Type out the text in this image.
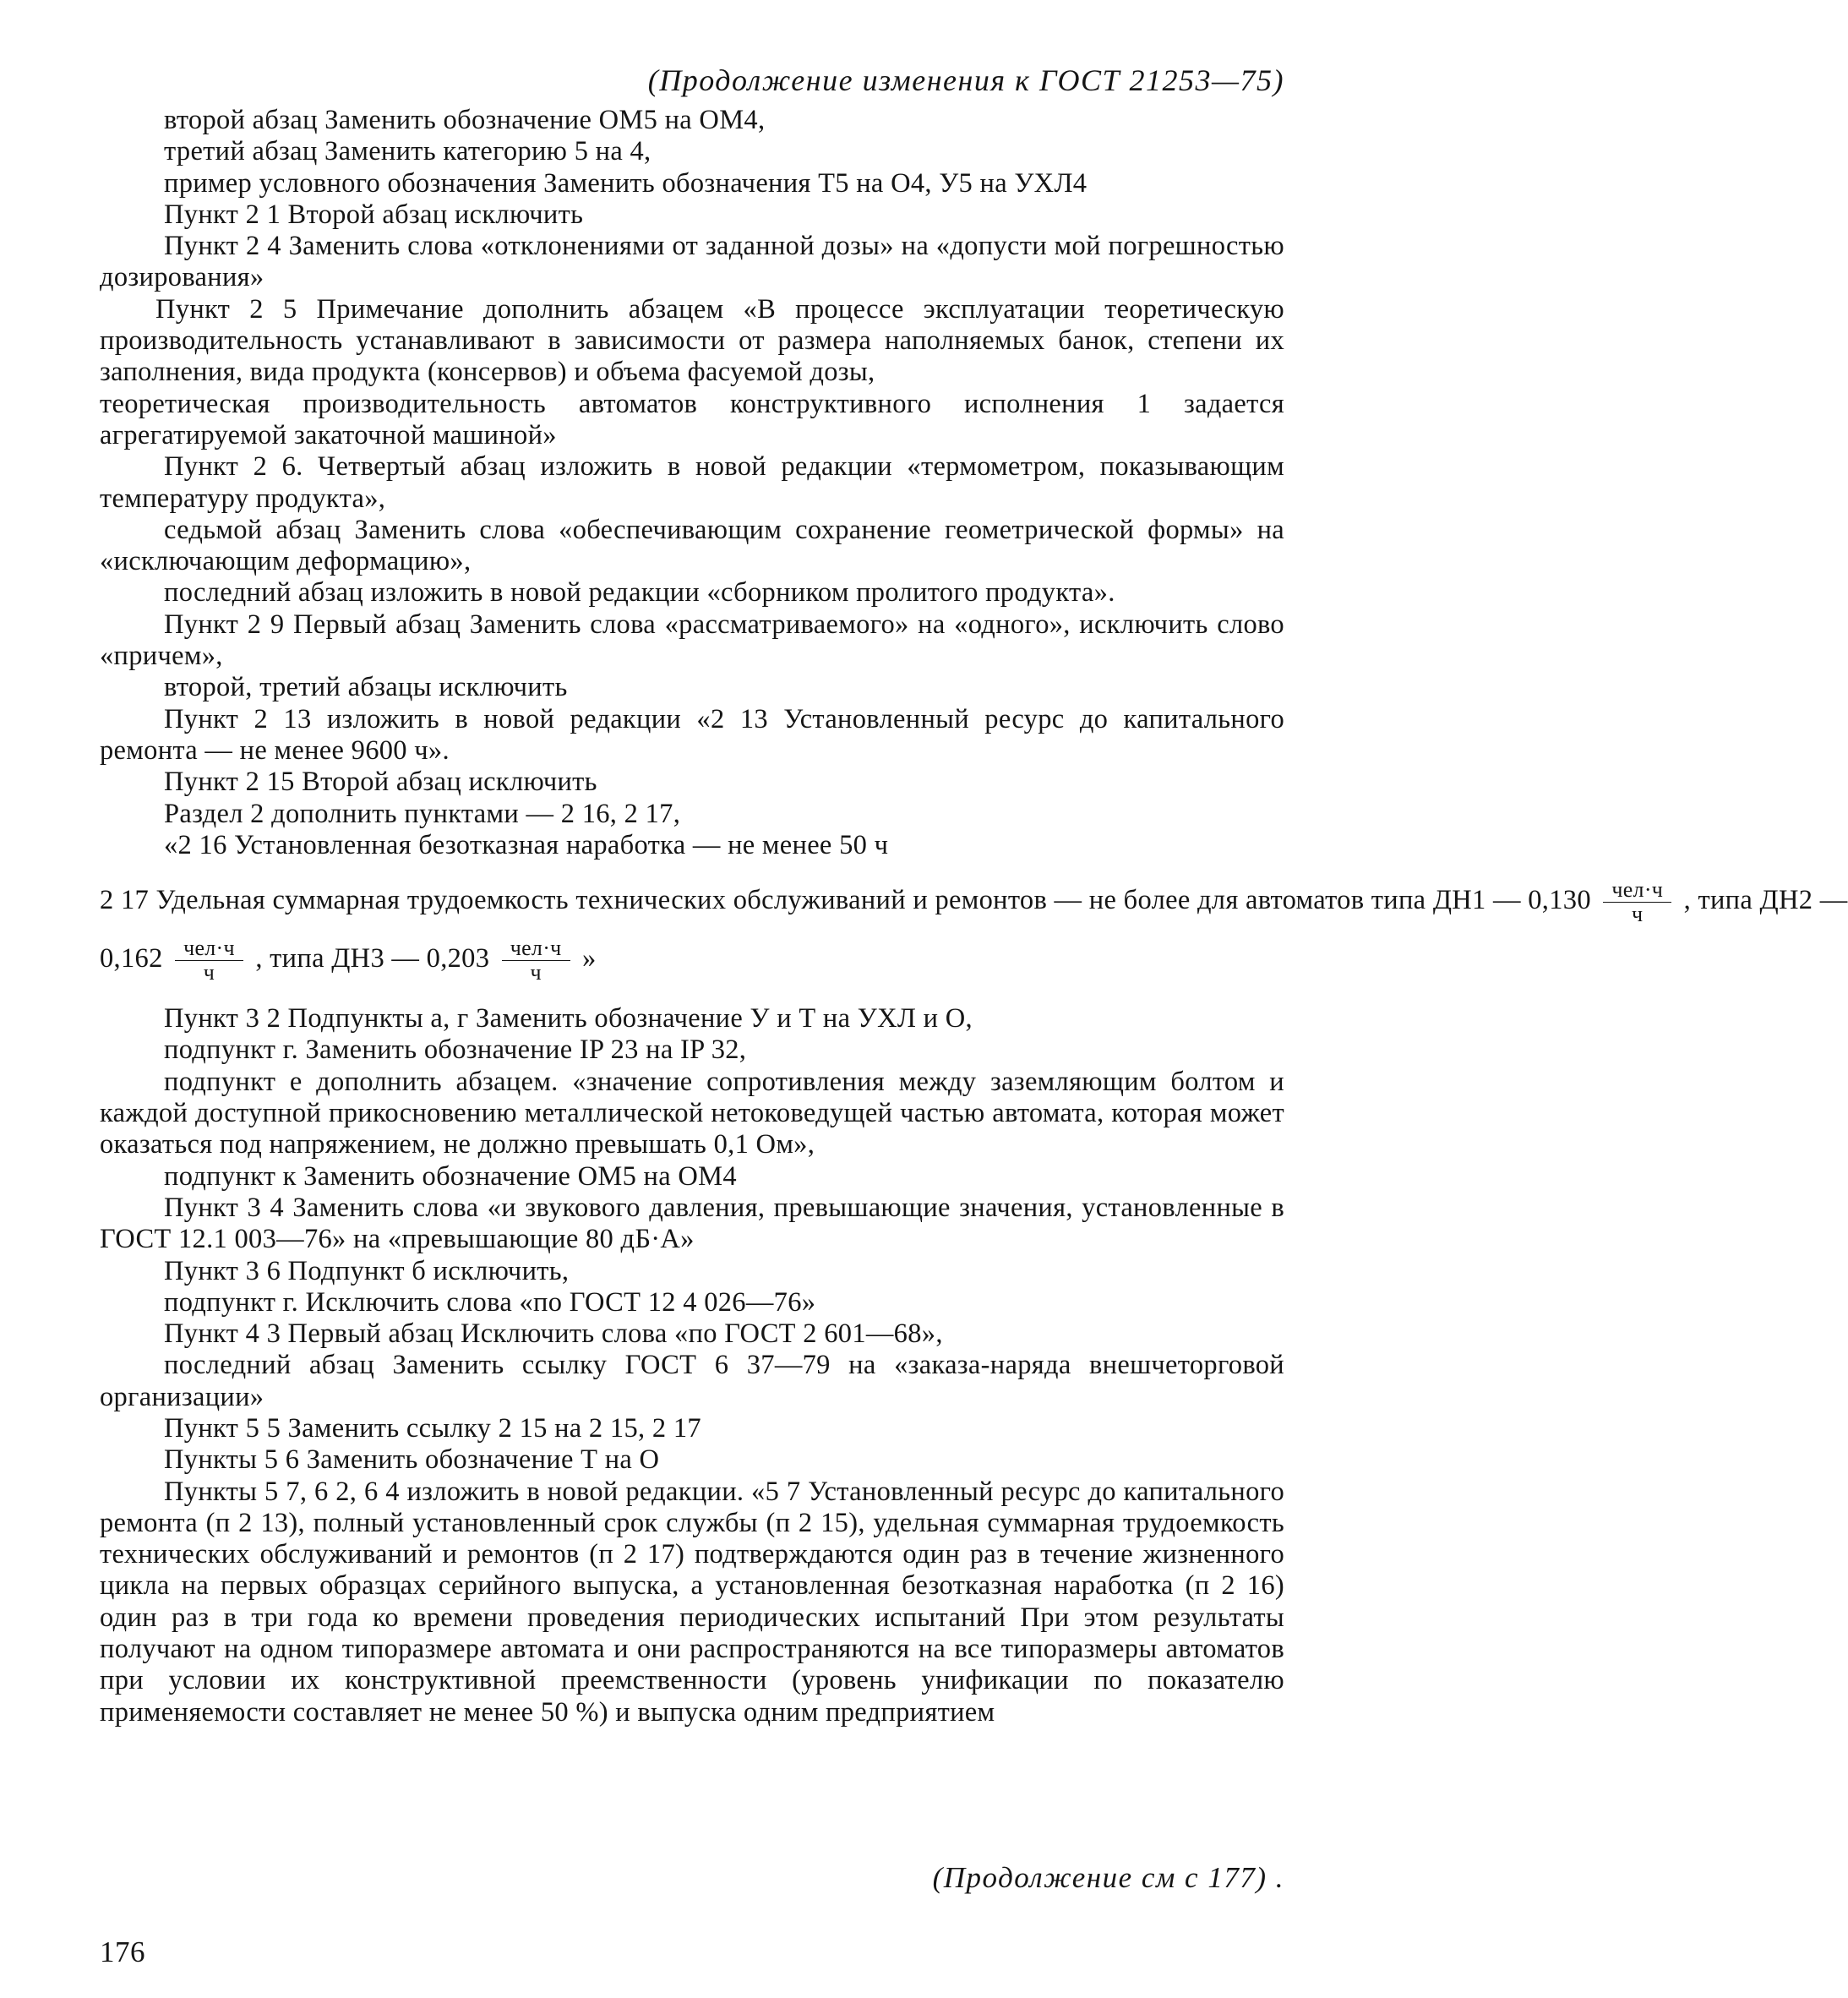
(Продолжение изменения к ГОСТ 21253—75)

второй абзац Заменить обозначение ОМ5 на ОМ4,

третий абзац Заменить категорию 5 на 4,

пример условного обозначения Заменить обозначения Т5 на О4, У5 на УХЛ4

Пункт 2 1 Второй абзац исключить

Пункт 2 4 Заменить слова «отклонениями от заданной дозы» на «допусти мой погрешностью дозирования»

Пункт 2 5 Примечание дополнить абзацем «В процессе эксплуатации теоретическую производительность устанавливают в зависимости от размера наполняемых банок, степени их заполнения, вида продукта (консервов) и объема фасуемой дозы,

теоретическая производительность автоматов конструктивного исполнения 1 задается агрегатируемой закаточной машиной»

Пункт 2 6. Четвертый абзац изложить в новой редакции «термометром, показывающим температуру продукта»,

седьмой абзац Заменить слова «обеспечивающим сохранение геометрической формы» на «исключающим деформацию»,

последний абзац изложить в новой редакции «сборником пролитого продукта».

Пункт 2 9 Первый абзац Заменить слова «рассматриваемого» на «одного», исключить слово «причем»,

второй, третий абзацы исключить

Пункт 2 13 изложить в новой редакции «2 13 Установленный ресурс до капитального ремонта — не менее 9600 ч».

Пункт 2 15 Второй абзац исключить

Раздел 2 дополнить пунктами — 2 16, 2 17,

«2 16 Установленная безотказная наработка — не менее 50 ч

2 17 Удельная суммарная трудоемкость технических обслуживаний и ремонтов — не более для автоматов типа ДН1 — $0,130 \frac{\text{чел·ч}}{ч}$ , типа ДН2 —

$0,162 \frac{\text{чел·ч}}{ч}$ , типа ДН3 — $0,203 \frac{\text{чел·ч}}{ч}$ »

Пункт 3 2 Подпункты а, г Заменить обозначение У и Т на УХЛ и О,

подпункт г. Заменить обозначение IP 23 на IP 32,

подпункт е дополнить абзацем. «значение сопротивления между заземляющим болтом и каждой доступной прикосновению металлической нетоковедущей частью автомата, которая может оказаться под напряжением, не должно превышать 0,1 Ом»,

подпункт к Заменить обозначение ОМ5 на ОМ4

Пункт 3 4 Заменить слова «и звукового давления, превышающие значения, установленные в ГОСТ 12.1 003—76» на «превышающие 80 дБ·А»

Пункт 3 6 Подпункт б исключить,

подпункт г. Исключить слова «по ГОСТ 12 4 026—76»

Пункт 4 3 Первый абзац Исключить слова «по ГОСТ 2 601—68»,

последний абзац Заменить ссылку ГОСТ 6 37—79 на «заказа-наряда внешчеторговой организации»

Пункт 5 5 Заменить ссылку 2 15 на 2 15, 2 17

Пункты 5 6 Заменить обозначение Т на О

Пункты 5 7, 6 2, 6 4 изложить в новой редакции. «5 7 Установленный ресурс до капитального ремонта (п 2 13), полный установленный срок службы (п 2 15), удельная суммарная трудоемкость технических обслуживаний и ремонтов (п 2 17) подтверждаются один раз в течение жизненного цикла на первых образцах серийного выпуска, а установленная безотказная наработка (п 2 16) один раз в три года ко времени проведения периодических испытаний При этом результаты получают на одном типоразмере автомата и они распространяются на все типоразмеры автоматов при условии их конструктивной преемственности (уровень унификации по показателю применяемости составляет не менее 50 %) и выпуска одним предприятием

(Продолжение см с 177) .
176
